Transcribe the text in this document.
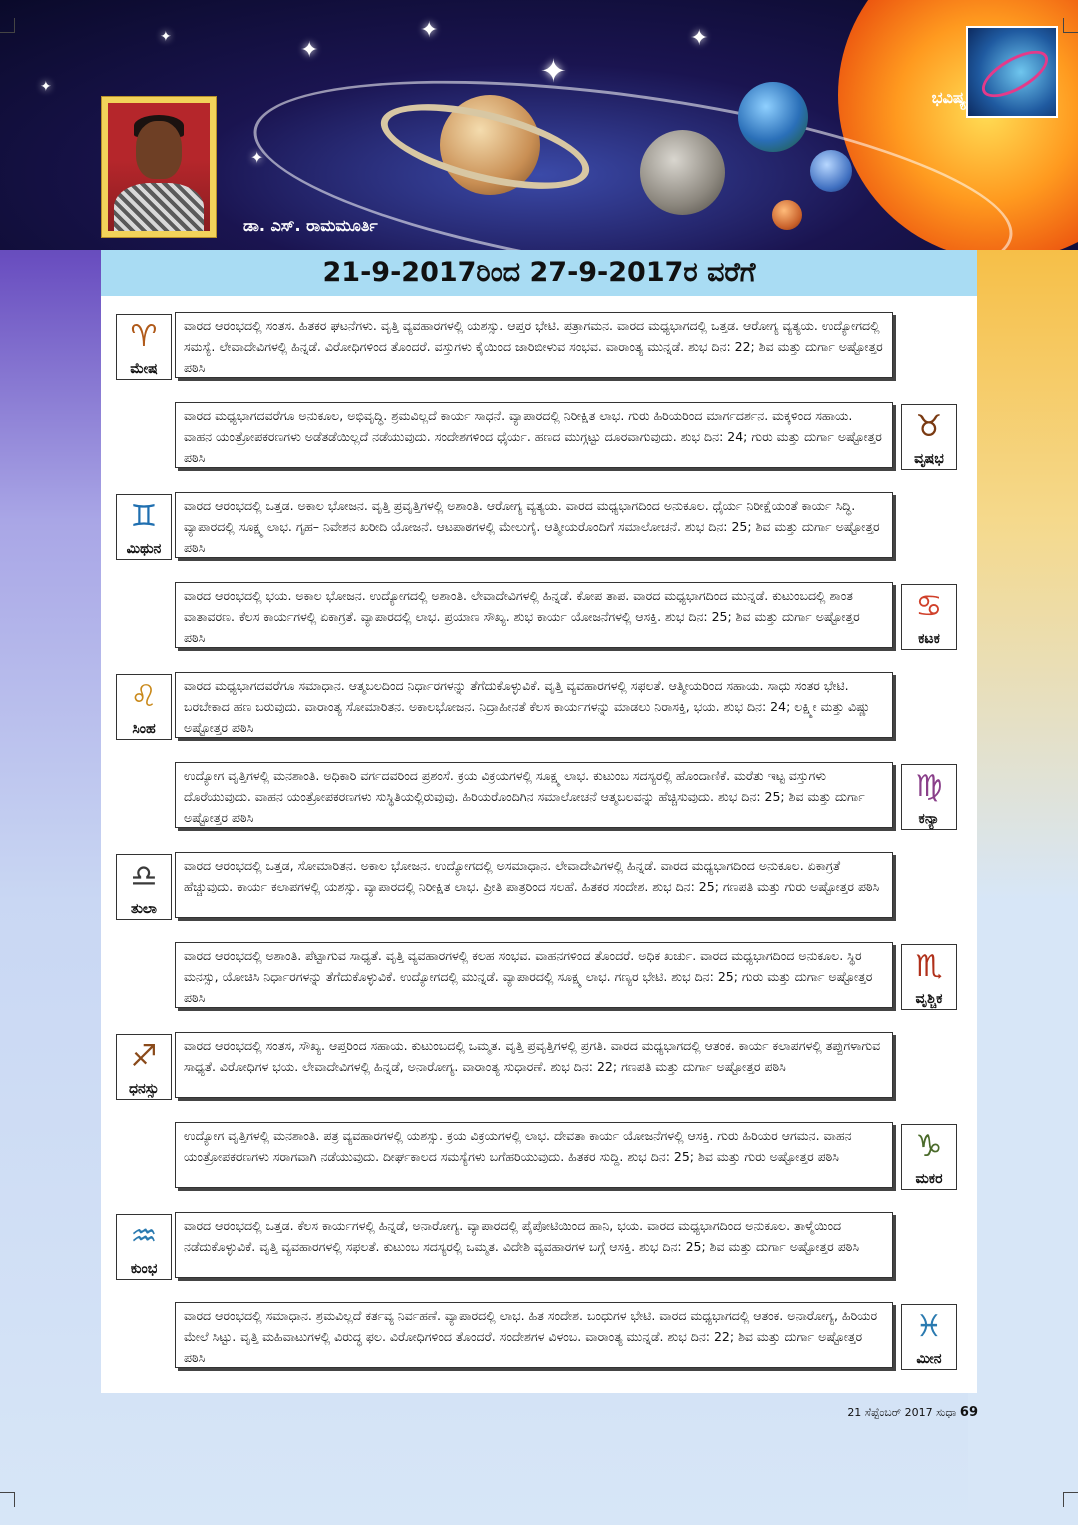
✦
✦
✦
✦
✦
✦
✦
ಡಾ. ಎಸ್. ರಾಮಮೂರ್ತಿ
ಭವಿಷ್ಯ
21-9-2017ರಿಂದ 27-9-2017ರ ವರೆಗೆ
♈
ಮೇಷ
ವಾರದ ಆರಂಭದಲ್ಲಿ ಸಂತಸ. ಹಿತಕರ ಘಟನೆಗಳು. ವೃತ್ತಿ ವ್ಯವಹಾರಗಳಲ್ಲಿ ಯಶಸ್ಸು. ಆಪ್ತರ ಭೇಟಿ. ಪತ್ರಾಗಮನ. ವಾರದ ಮಧ್ಯಭಾಗದಲ್ಲಿ ಒತ್ತಡ. ಆರೋಗ್ಯ ವ್ಯತ್ಯಯ. ಉದ್ಯೋಗದಲ್ಲಿ ಸಮಸ್ಯೆ. ಲೇವಾದೇವಿಗಳಲ್ಲಿ ಹಿನ್ನಡೆ. ವಿರೋಧಿಗಳಿಂದ ತೊಂದರೆ. ವಸ್ತುಗಳು ಕೈಯಿಂದ ಜಾರಿಬೀಳುವ ಸಂಭವ. ವಾರಾಂತ್ಯ ಮುನ್ನಡೆ. ಶುಭ ದಿನ: 22; ಶಿವ ಮತ್ತು ದುರ್ಗಾ ಅಷ್ಟೋತ್ತರ ಪಠಿಸಿ
♉
ವೃಷಭ
ವಾರದ ಮಧ್ಯಭಾಗದವರೆಗೂ ಅನುಕೂಲ, ಅಭಿವೃದ್ಧಿ. ಶ್ರಮವಿಲ್ಲದೆ ಕಾರ್ಯ ಸಾಧನೆ. ವ್ಯಾಪಾರದಲ್ಲಿ ನಿರೀಕ್ಷಿತ ಲಾಭ. ಗುರು ಹಿರಿಯರಿಂದ ಮಾರ್ಗದರ್ಶನ. ಮಕ್ಕಳಿಂದ ಸಹಾಯ. ವಾಹನ ಯಂತ್ರೋಪಕರಣಗಳು ಅಡೆತಡೆಯಿಲ್ಲದೆ ನಡೆಯುವುದು. ಸಂದೇಶಗಳಿಂದ ಧೈರ್ಯ. ಹಣದ ಮುಗ್ಗಟ್ಟು ದೂರವಾಗುವುದು. ಶುಭ ದಿನ: 24; ಗುರು ಮತ್ತು ದುರ್ಗಾ ಅಷ್ಟೋತ್ತರ ಪಠಿಸಿ
♊
ಮಿಥುನ
ವಾರದ ಆರಂಭದಲ್ಲಿ ಒತ್ತಡ. ಅಕಾಲ ಭೋಜನ. ವೃತ್ತಿ ಪ್ರವೃತ್ತಿಗಳಲ್ಲಿ ಅಶಾಂತಿ. ಆರೋಗ್ಯ ವ್ಯತ್ಯಯ. ವಾರದ ಮಧ್ಯಭಾಗದಿಂದ ಅನುಕೂಲ. ಧೈರ್ಯ ನಿರೀಕ್ಷೆಯಂತೆ ಕಾರ್ಯ ಸಿದ್ಧಿ. ವ್ಯಾಪಾರದಲ್ಲಿ ಸೂಕ್ಷ್ಮ ಲಾಭ. ಗೃಹ– ನಿವೇಶನ ಖರೀದಿ ಯೋಜನೆ. ಆಟಪಾಠಗಳಲ್ಲಿ ಮೇಲುಗೈ. ಆತ್ಮೀಯರೊಂದಿಗೆ ಸಮಾಲೋಚನೆ. ಶುಭ ದಿನ: 25; ಶಿವ ಮತ್ತು ದುರ್ಗಾ ಅಷ್ಟೋತ್ತರ ಪಠಿಸಿ
♋
ಕಟಕ
ವಾರದ ಆರಂಭದಲ್ಲಿ ಭಯ. ಅಕಾಲ ಭೋಜನ. ಉದ್ಯೋಗದಲ್ಲಿ ಅಶಾಂತಿ. ಲೇವಾದೇವಿಗಳಲ್ಲಿ ಹಿನ್ನಡೆ. ಕೋಪ ತಾಪ. ವಾರದ ಮಧ್ಯಭಾಗದಿಂದ ಮುನ್ನಡೆ. ಕುಟುಂಬದಲ್ಲಿ ಶಾಂತ ವಾತಾವರಣ. ಕೆಲಸ ಕಾರ್ಯಗಳಲ್ಲಿ ಏಕಾಗ್ರತೆ. ವ್ಯಾಪಾರದಲ್ಲಿ ಲಾಭ. ಪ್ರಯಾಣ ಸೌಖ್ಯ. ಶುಭ ಕಾರ್ಯ ಯೋಜನೆಗಳಲ್ಲಿ ಆಸಕ್ತಿ. ಶುಭ ದಿನ: 25; ಶಿವ ಮತ್ತು ದುರ್ಗಾ ಅಷ್ಟೋತ್ತರ ಪಠಿಸಿ
♌
ಸಿಂಹ
ವಾರದ ಮಧ್ಯಭಾಗದವರೆಗೂ ಸಮಾಧಾನ. ಆತ್ಮಬಲದಿಂದ ನಿರ್ಧಾರಗಳನ್ನು ತೆಗೆದುಕೊಳ್ಳುವಿಕೆ. ವೃತ್ತಿ ವ್ಯವಹಾರಗಳಲ್ಲಿ ಸಫಲತೆ. ಆತ್ಮೀಯರಿಂದ ಸಹಾಯ. ಸಾಧು ಸಂತರ ಭೇಟಿ. ಬರಬೇಕಾದ ಹಣ ಬರುವುದು. ವಾರಾಂತ್ಯ ಸೋಮಾರಿತನ. ಅಕಾಲಭೋಜನ. ನಿದ್ರಾಹೀನತೆ ಕೆಲಸ ಕಾರ್ಯಗಳನ್ನು ಮಾಡಲು ನಿರಾಸಕ್ತಿ, ಭಯ. ಶುಭ ದಿನ: 24; ಲಕ್ಷ್ಮೀ ಮತ್ತು ವಿಷ್ಣು ಅಷ್ಟೋತ್ತರ ಪಠಿಸಿ
♍
ಕನ್ಯಾ
ಉದ್ಯೋಗ ವೃತ್ತಿಗಳಲ್ಲಿ ಮನಶಾಂತಿ. ಅಧಿಕಾರಿ ವರ್ಗದವರಿಂದ ಪ್ರಶಂಸೆ. ಕ್ರಯ ವಿಕ್ರಯಗಳಲ್ಲಿ ಸೂಕ್ಷ್ಮ ಲಾಭ. ಕುಟುಂಬ ಸದಸ್ಯರಲ್ಲಿ ಹೊಂದಾಣಿಕೆ. ಮರೆತು ಇಟ್ಟ ವಸ್ತುಗಳು ದೊರೆಯುವುದು. ವಾಹನ ಯಂತ್ರೋಪಕರಣಗಳು ಸುಸ್ಥಿತಿಯಲ್ಲಿರುವುವು. ಹಿರಿಯರೊಂದಿಗಿನ ಸಮಾಲೋಚನೆ ಆತ್ಮಬಲವನ್ನು ಹೆಚ್ಚಿಸುವುದು. ಶುಭ ದಿನ: 25; ಶಿವ ಮತ್ತು ದುರ್ಗಾ ಅಷ್ಟೋತ್ತರ ಪಠಿಸಿ
♎
ತುಲಾ
ವಾರದ ಆರಂಭದಲ್ಲಿ ಒತ್ತಡ, ಸೋಮಾರಿತನ. ಅಕಾಲ ಭೋಜನ. ಉದ್ಯೋಗದಲ್ಲಿ ಅಸಮಾಧಾನ. ಲೇವಾದೇವಿಗಳಲ್ಲಿ ಹಿನ್ನಡೆ. ವಾರದ ಮಧ್ಯಭಾಗದಿಂದ ಅನುಕೂಲ. ಏಕಾಗ್ರತೆ ಹೆಚ್ಚುವುದು. ಕಾರ್ಯ ಕಲಾಪಗಳಲ್ಲಿ ಯಶಸ್ಸು. ವ್ಯಾಪಾರದಲ್ಲಿ ನಿರೀಕ್ಷಿತ ಲಾಭ. ಪ್ರೀತಿ ಪಾತ್ರರಿಂದ ಸಲಹೆ. ಹಿತಕರ ಸಂದೇಶ. ಶುಭ ದಿನ: 25; ಗಣಪತಿ ಮತ್ತು ಗುರು ಅಷ್ಟೋತ್ತರ ಪಠಿಸಿ
♏
ವೃಶ್ಚಿಕ
ವಾರದ ಆರಂಭದಲ್ಲಿ ಅಶಾಂತಿ. ಪೆಟ್ಟಾಗುವ ಸಾಧ್ಯತೆ. ವೃತ್ತಿ ವ್ಯವಹಾರಗಳಲ್ಲಿ ಕಲಹ ಸಂಭವ. ವಾಹನಗಳಿಂದ ತೊಂದರೆ. ಅಧಿಕ ಖರ್ಚು. ವಾರದ ಮಧ್ಯಭಾಗದಿಂದ ಅನುಕೂಲ. ಸ್ಥಿರ ಮನಸ್ಸು, ಯೋಚಿಸಿ ನಿರ್ಧಾರಗಳನ್ನು ತೆಗೆದುಕೊಳ್ಳುವಿಕೆ. ಉದ್ಯೋಗದಲ್ಲಿ ಮುನ್ನಡೆ. ವ್ಯಾಪಾರದಲ್ಲಿ ಸೂಕ್ಷ್ಮ ಲಾಭ. ಗಣ್ಯರ ಭೇಟಿ. ಶುಭ ದಿನ: 25; ಗುರು ಮತ್ತು ದುರ್ಗಾ ಅಷ್ಟೋತ್ತರ ಪಠಿಸಿ
♐
ಧನಸ್ಸು
ವಾರದ ಆರಂಭದಲ್ಲಿ ಸಂತಸ, ಸೌಖ್ಯ. ಆಪ್ತರಿಂದ ಸಹಾಯ. ಕುಟುಂಬದಲ್ಲಿ ಒಮ್ಮತ. ವೃತ್ತಿ ಪ್ರವೃತ್ತಿಗಳಲ್ಲಿ ಪ್ರಗತಿ. ವಾರದ ಮಧ್ಯಭಾಗದಲ್ಲಿ ಆತಂಕ. ಕಾರ್ಯ ಕಲಾಪಗಳಲ್ಲಿ ತಪ್ಪುಗಳಾಗುವ ಸಾಧ್ಯತೆ. ವಿರೋಧಿಗಳ ಭಯ. ಲೇವಾದೇವಿಗಳಲ್ಲಿ ಹಿನ್ನಡೆ, ಅನಾರೋಗ್ಯ. ವಾರಾಂತ್ಯ ಸುಧಾರಣೆ. ಶುಭ ದಿನ: 22; ಗಣಪತಿ ಮತ್ತು ದುರ್ಗಾ ಅಷ್ಟೋತ್ತರ ಪಠಿಸಿ
♑
ಮಕರ
ಉದ್ಯೋಗ ವೃತ್ತಿಗಳಲ್ಲಿ ಮನಶಾಂತಿ. ಪತ್ರ ವ್ಯವಹಾರಗಳಲ್ಲಿ ಯಶಸ್ಸು. ಕ್ರಯ ವಿಕ್ರಯಗಳಲ್ಲಿ ಲಾಭ. ದೇವತಾ ಕಾರ್ಯ ಯೋಜನೆಗಳಲ್ಲಿ ಆಸಕ್ತಿ. ಗುರು ಹಿರಿಯರ ಆಗಮನ. ವಾಹನ ಯಂತ್ರೋಪಕರಣಗಳು ಸರಾಗವಾಗಿ ನಡೆಯುವುದು. ದೀರ್ಘಕಾಲದ ಸಮಸ್ಯೆಗಳು ಬಗೆಹರಿಯುವುದು. ಹಿತಕರ ಸುದ್ದಿ. ಶುಭ ದಿನ: 25; ಶಿವ ಮತ್ತು ಗುರು ಅಷ್ಟೋತ್ತರ ಪಠಿಸಿ
♒
ಕುಂಭ
ವಾರದ ಆರಂಭದಲ್ಲಿ ಒತ್ತಡ. ಕೆಲಸ ಕಾರ್ಯಗಳಲ್ಲಿ ಹಿನ್ನಡೆ, ಅನಾರೋಗ್ಯ. ವ್ಯಾಪಾರದಲ್ಲಿ ಪೈಪೋಟಿಯಿಂದ ಹಾನಿ, ಭಯ. ವಾರದ ಮಧ್ಯಭಾಗದಿಂದ ಅನುಕೂಲ. ತಾಳ್ಮೆಯಿಂದ ನಡೆದುಕೊಳ್ಳುವಿಕೆ. ವೃತ್ತಿ ವ್ಯವಹಾರಗಳಲ್ಲಿ ಸಫಲತೆ. ಕುಟುಂಬ ಸದಸ್ಯರಲ್ಲಿ ಒಮ್ಮತ. ವಿದೇಶಿ ವ್ಯವಹಾರಗಳ ಬಗ್ಗೆ ಆಸಕ್ತಿ. ಶುಭ ದಿನ: 25; ಶಿವ ಮತ್ತು ದುರ್ಗಾ ಅಷ್ಟೋತ್ತರ ಪಠಿಸಿ
♓
ಮೀನ
ವಾರದ ಆರಂಭದಲ್ಲಿ ಸಮಾಧಾನ. ಶ್ರಮವಿಲ್ಲದೆ ಕರ್ತವ್ಯ ನಿರ್ವಹಣೆ. ವ್ಯಾಪಾರದಲ್ಲಿ ಲಾಭ. ಹಿತ ಸಂದೇಶ. ಬಂಧುಗಳ ಭೇಟಿ. ವಾರದ ಮಧ್ಯಭಾಗದಲ್ಲಿ ಆತಂಕ. ಅನಾರೋಗ್ಯ, ಹಿರಿಯರ ಮೇಲೆ ಸಿಟ್ಟು. ವೃತ್ತಿ ಮಹಿವಾಟುಗಳಲ್ಲಿ ವಿರುದ್ಧ ಫಲ. ವಿರೋಧಿಗಳಿಂದ ತೊಂದರೆ. ಸಂದೇಶಗಳ ವಿಳಂಬ. ವಾರಾಂತ್ಯ ಮುನ್ನಡೆ. ಶುಭ ದಿನ: 22; ಶಿವ ಮತ್ತು ದುರ್ಗಾ ಅಷ್ಟೋತ್ತರ ಪಠಿಸಿ
21 ಸೆಪ್ಟೆಂಬರ್ 2017 ಸುಧಾ 69
